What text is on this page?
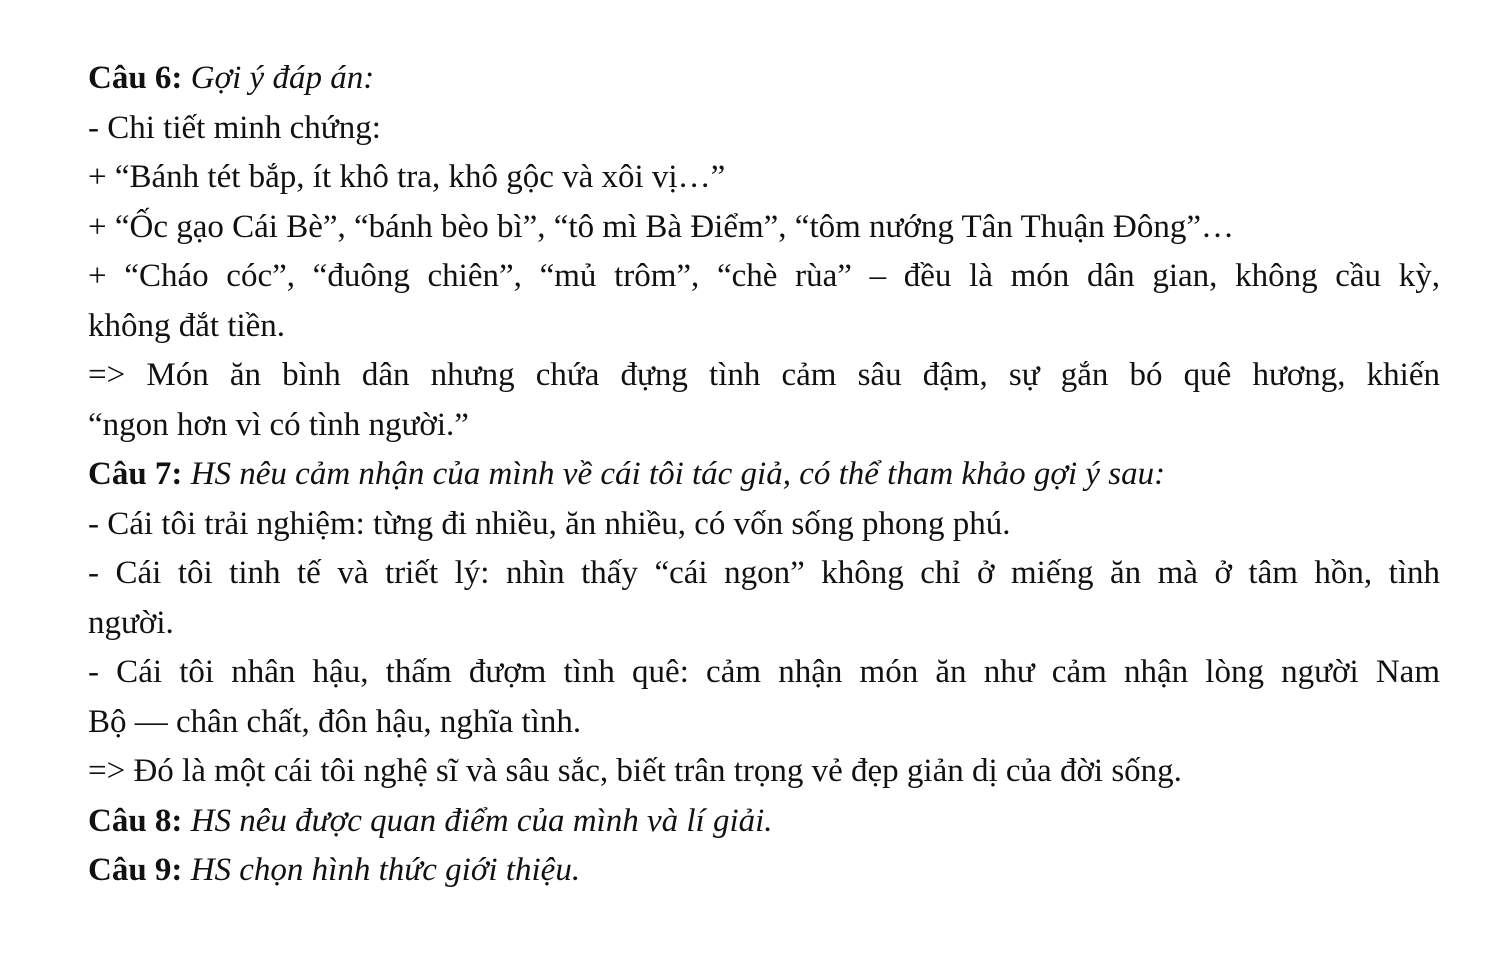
Câu 6: Gợi ý đáp án:
- Chi tiết minh chứng:
+ “Bánh tét bắp, ít khô tra, khô gộc và xôi vị…”
+ “Ốc gạo Cái Bè”, “bánh bèo bì”, “tô mì Bà Điểm”, “tôm nướng Tân Thuận Đông”…
+ “Cháo cóc”, “đuông chiên”, “mủ trôm”, “chè rùa” – đều là món dân gian, không cầu kỳ,
không đắt tiền.
=> Món ăn bình dân nhưng chứa đựng tình cảm sâu đậm, sự gắn bó quê hương, khiến
“ngon hơn vì có tình người.”
Câu 7: HS nêu cảm nhận của mình về cái tôi tác giả, có thể tham khảo gợi ý sau:
- Cái tôi trải nghiệm: từng đi nhiều, ăn nhiều, có vốn sống phong phú.
- Cái tôi tinh tế và triết lý: nhìn thấy “cái ngon” không chỉ ở miếng ăn mà ở tâm hồn, tình
người.
- Cái tôi nhân hậu, thấm đượm tình quê: cảm nhận món ăn như cảm nhận lòng người Nam
Bộ — chân chất, đôn hậu, nghĩa tình.
=> Đó là một cái tôi nghệ sĩ và sâu sắc, biết trân trọng vẻ đẹp giản dị của đời sống.
Câu 8: HS nêu được quan điểm của mình và lí giải.
Câu 9: HS chọn hình thức giới thiệu.
